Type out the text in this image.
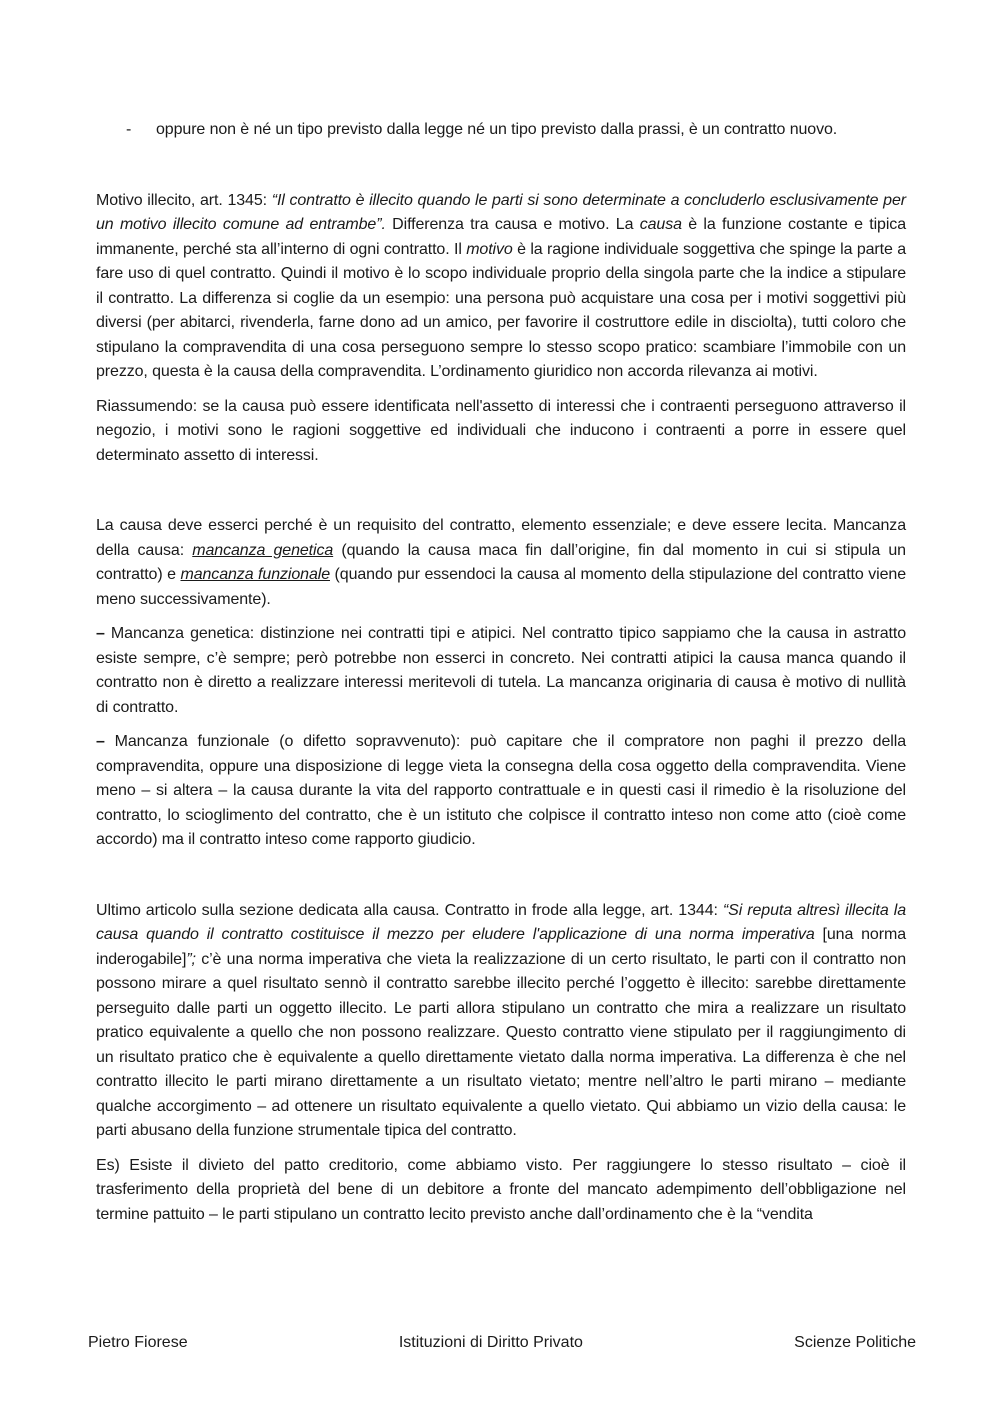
-	oppure non è né un tipo previsto dalla legge né un tipo previsto dalla prassi, è un contratto nuovo.

Motivo illecito, art. 1345: “Il contratto è illecito quando le parti si sono determinate a concluderlo esclusivamente per un motivo illecito comune ad entrambe”. Differenza tra causa e motivo. La causa è la funzione costante e tipica immanente, perché sta all’interno di ogni contratto. Il motivo è la ragione individuale soggettiva che spinge la parte a fare uso di quel contratto. Quindi il motivo è lo scopo individuale proprio della singola parte che la indice a stipulare il contratto. La differenza si coglie da un esempio: una persona può acquistare una cosa per i motivi soggettivi più diversi (per abitarci, rivenderla, farne dono ad un amico, per favorire il costruttore edile in disciolta), tutti coloro che stipulano la compravendita di una cosa perseguono sempre lo stesso scopo pratico: scambiare l’immobile con un prezzo, questa è la causa della compravendita. L’ordinamento giuridico non accorda rilevanza ai motivi.

Riassumendo: se la causa può essere identificata nell'assetto di interessi che i contraenti perseguono attraverso il negozio, i motivi sono le ragioni soggettive ed individuali che inducono i contraenti a porre in essere quel determinato assetto di interessi.

La causa deve esserci perché è un requisito del contratto, elemento essenziale; e deve essere lecita. Mancanza della causa: mancanza genetica (quando la causa maca fin dall’origine, fin dal momento in cui si stipula un contratto) e mancanza funzionale (quando pur essendoci la causa al momento della stipulazione del contratto viene meno successivamente).

– Mancanza genetica: distinzione nei contratti tipi e atipici. Nel contratto tipico sappiamo che la causa in astratto esiste sempre, c’è sempre; però potrebbe non esserci in concreto. Nei contratti atipici la causa manca quando il contratto non è diretto a realizzare interessi meritevoli di tutela. La mancanza originaria di causa è motivo di nullità di contratto.

– Mancanza funzionale (o difetto sopravvenuto): può capitare che il compratore non paghi il prezzo della compravendita, oppure una disposizione di legge vieta la consegna della cosa oggetto della compravendita. Viene meno – si altera – la causa durante la vita del rapporto contrattuale e in questi casi il rimedio è la risoluzione del contratto, lo scioglimento del contratto, che è un istituto che colpisce il contratto inteso non come atto (cioè come accordo) ma il contratto inteso come rapporto giudicio.

Ultimo articolo sulla sezione dedicata alla causa. Contratto in frode alla legge, art. 1344: “Si reputa altresì illecita la causa quando il contratto costituisce il mezzo per eludere l'applicazione di una norma imperativa [una norma inderogabile]”; c’è una norma imperativa che vieta la realizzazione di un certo risultato, le parti con il contratto non possono mirare a quel risultato sennò il contratto sarebbe illecito perché l’oggetto è illecito: sarebbe direttamente perseguito dalle parti un oggetto illecito. Le parti allora stipulano un contratto che mira a realizzare un risultato pratico equivalente a quello che non possono realizzare. Questo contratto viene stipulato per il raggiungimento di un risultato pratico che è equivalente a quello direttamente vietato dalla norma imperativa. La differenza è che nel contratto illecito le parti mirano direttamente a un risultato vietato; mentre nell’altro le parti mirano – mediante qualche accorgimento – ad ottenere un risultato equivalente a quello vietato. Qui abbiamo un vizio della causa: le parti abusano della funzione strumentale tipica del contratto.

Es) Esiste il divieto del patto creditorio, come abbiamo visto. Per raggiungere lo stesso risultato – cioè il trasferimento della proprietà del bene di un debitore a fronte del mancato adempimento dell’obbligazione nel termine pattuito – le parti stipulano un contratto lecito previsto anche dall’ordinamento che è la “vendita

Pietro Fiorese	Istituzioni di Diritto Privato	Scienze Politiche
